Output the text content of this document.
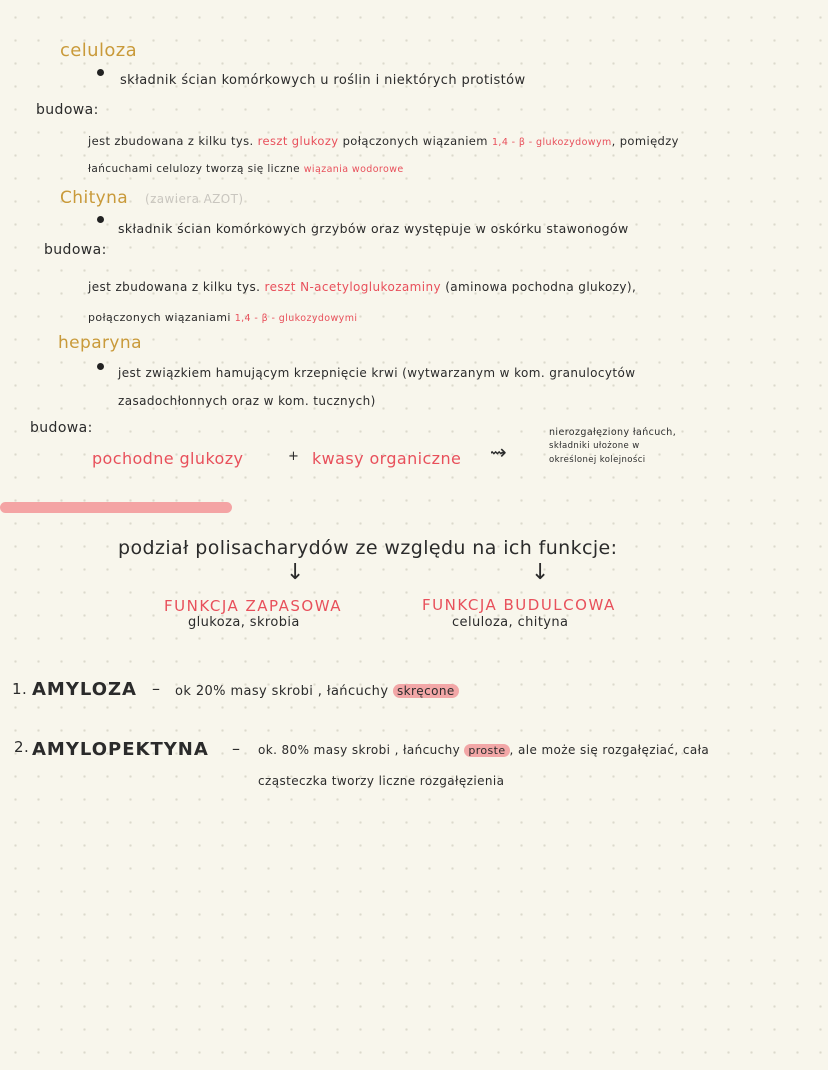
celuloza
składnik ścian komórkowych u roślin i niektórych protistów
budowa:
jest zbudowana z kilku tys. reszt glukozy połączonych wiązaniem 1,4 - β - glukozydowym, pomiędzy
łańcuchami celulozy tworzą się liczne wiązania wodorowe
Chityna (zawiera AZOT)
składnik ścian komórkowych grzybów oraz występuje w oskórku stawonogów
budowa:
jest zbudowana z kilku tys. reszt N-acetyloglukozaminy (aminowa pochodna glukozy),
połączonych wiązaniami 1,4 - β - glukozydowymi
heparyna
jest związkiem hamującym krzepnięcie krwi (wytwarzanym w kom. granulocytów
zasadochłonnych oraz w kom. tucznych)
budowa:
pochodne glukozy	+ kwasy organiczne ⇝
nierozgałęziony łańcuch,
składniki ułożone w
określonej kolejności
podział polisacharydów ze względu na ich funkcje:
↓	↓
FUNKCJA ZAPASOWA
glukoza, skrobia
FUNKCJA BUDULCOWA
celuloza, chityna
1. AMYLOZA – ok 20% masy skrobi , łańcuchy skręcone
2. AMYLOPEKTYNA – ok. 80% masy skrobi , łańcuchy proste , ale może się rozgałęziać, cała
cząsteczka tworzy liczne rozgałęzienia
